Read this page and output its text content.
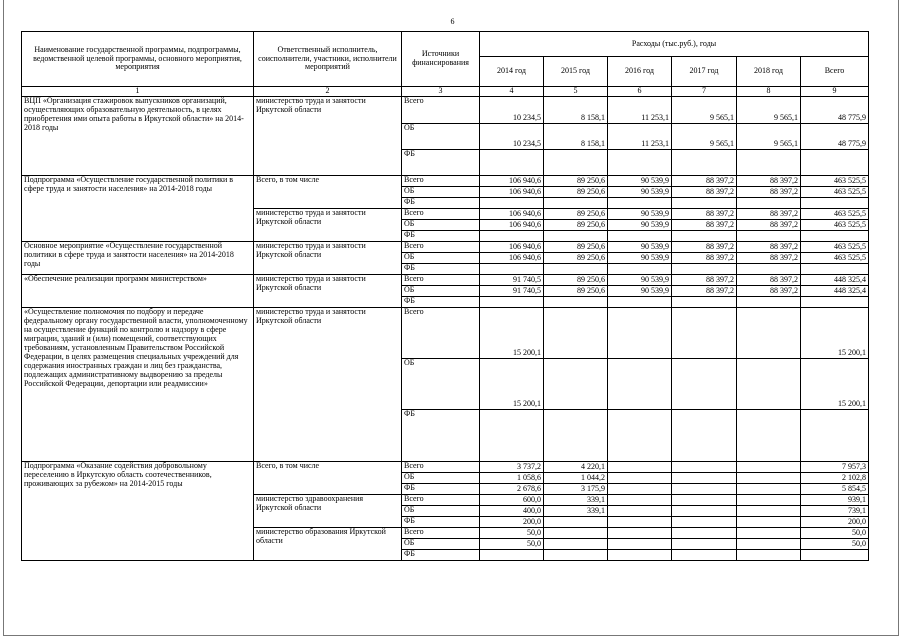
6
Наименование государственной программы, подпрограммы, ведомственной целевой программы, основного мероприятия, мероприятия	Ответственный исполнитель, соисполнители, участники, исполнители мероприятий	Источники финансирования	Расходы (тыс.руб.), годы					
			2014 год	2015 год	2016 год	2017 год	2018 год	Всего
1	2	3	4	5	6	7	8	9
ВЦП «Организация стажировок выпускников организаций, осуществляющих образовательную деятельность, в целях приобретения ими опыта работы в Иркутской области» на 2014-2018 годы	министерство труда и занятости Иркутской области	Всего	10 234,5	8 158,1	11 253,1	9 565,1	9 565,1	48 775,9
		ОБ	10 234,5	8 158,1	11 253,1	9 565,1	9 565,1	48 775,9
		ФБ						
Подпрограмма «Осуществление государственной политики в сфере труда и занятости населения» на 2014-2018 годы	Всего, в том числе	Всего	106 940,6	89 250,6	90 539,9	88 397,2	88 397,2	463 525,5
		ОБ	106 940,6	89 250,6	90 539,9	88 397,2	88 397,2	463 525,5
		ФБ						
	министерство труда и занятости Иркутской области	Всего	106 940,6	89 250,6	90 539,9	88 397,2	88 397,2	463 525,5
		ОБ	106 940,6	89 250,6	90 539,9	88 397,2	88 397,2	463 525,5
		ФБ						
Основное мероприятие «Осуществление государственной политики в сфере труда и занятости населения» на 2014-2018 годы	министерство труда и занятости Иркутской области	Всего	106 940,6	89 250,6	90 539,9	88 397,2	88 397,2	463 525,5
		ОБ	106 940,6	89 250,6	90 539,9	88 397,2	88 397,2	463 525,5
		ФБ						
«Обеспечение реализации программ министерством»	министерство труда и занятости Иркутской области	Всего	91 740,5	89 250,6	90 539,9	88 397,2	88 397,2	448 325,4
		ОБ	91 740,5	89 250,6	90 539,9	88 397,2	88 397,2	448 325,4
		ФБ						
«Осуществление полномочия по подбору и передаче федеральному органу государственной власти, уполномоченному на осуществление функций по контролю и надзору в сфере миграции, зданий и (или) помещений, соответствующих требованиям, установленным Правительством Российской Федерации, в целях размещения специальных учреждений для содержания иностранных граждан и лиц без гражданства, подлежащих административному выдворению за пределы Российской Федерации, депортации или реадмиссии»	министерство труда и занятости Иркутской области	Всего	15 200,1					15 200,1
		ОБ	15 200,1					15 200,1
		ФБ						
Подпрограмма «Оказание содействия добровольному переселению в Иркутскую область соотечественников, проживающих за рубежом» на 2014-2015 годы	Всего, в том числе	Всего	3 737,2	4 220,1				7 957,3
		ОБ	1 058,6	1 044,2				2 102,8
		ФБ	2 678,6	3 175,9				5 854,5
	министерство здравоохранения Иркутской области	Всего	600,0	339,1				939,1
		ОБ	400,0	339,1				739,1
		ФБ	200,0					200,0
	министерство образования Иркутской области	Всего	50,0					50,0
		ОБ	50,0					50,0
		ФБ						
